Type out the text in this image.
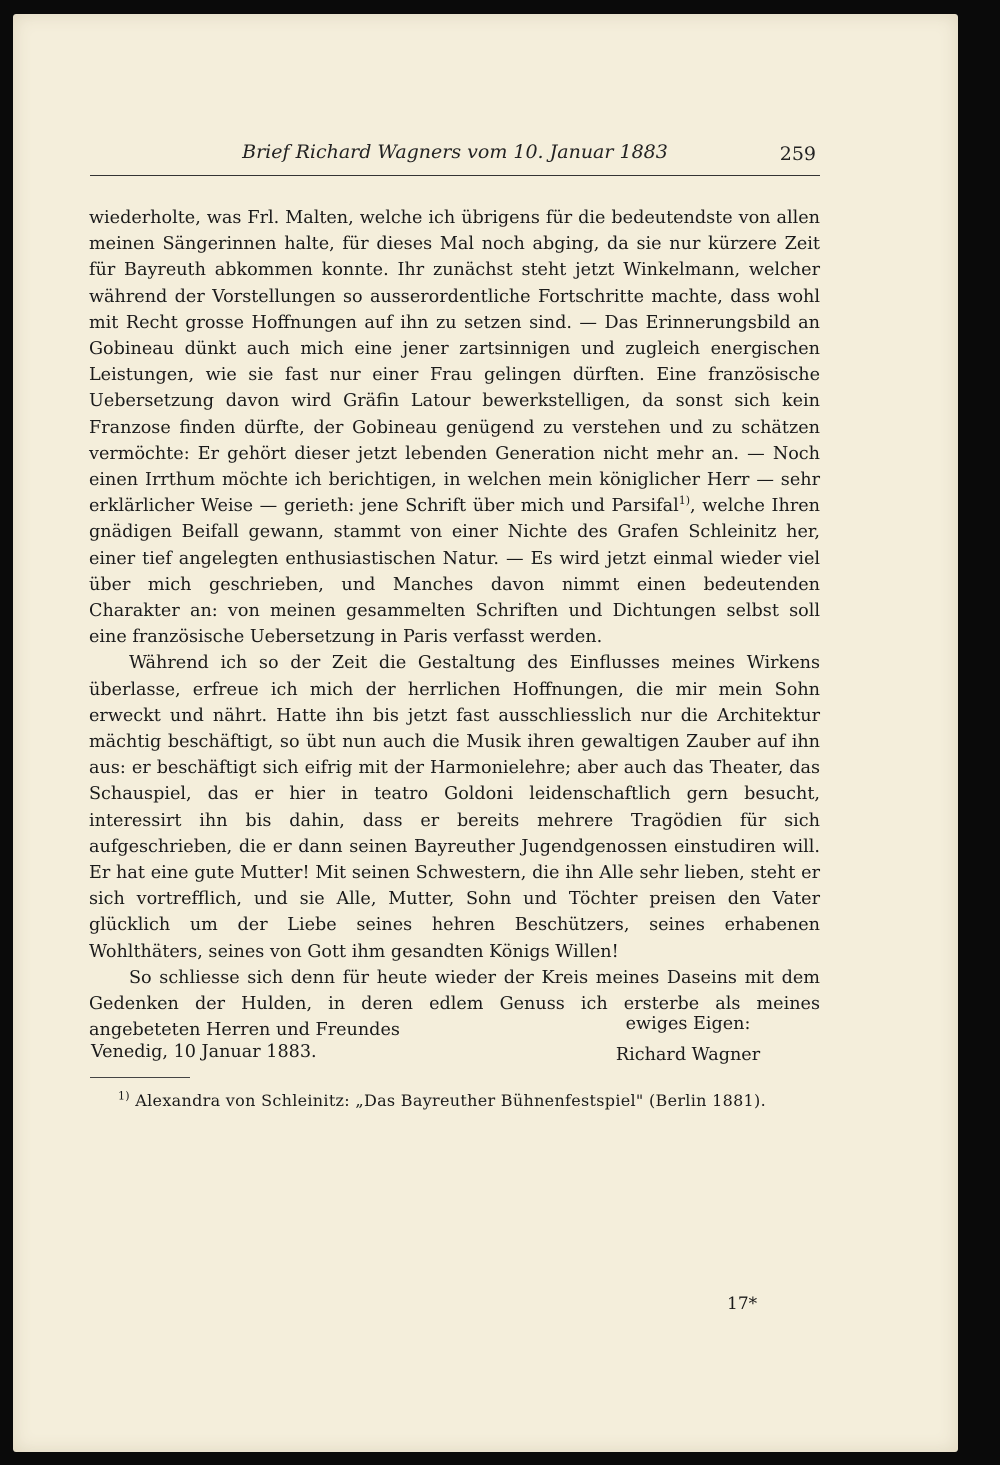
Brief Richard Wagners vom 10. Januar 1883	259

wiederholte, was Frl. Malten, welche ich übrigens für die bedeutendste von allen meinen Sängerinnen halte, für dieses Mal noch abging, da sie nur kürzere Zeit für Bayreuth abkommen konnte. Ihr zunächst steht jetzt Winkelmann, welcher während der Vorstellungen so ausserordentliche Fortschritte machte, dass wohl mit Recht grosse Hoffnungen auf ihn zu setzen sind. — Das Erinnerungsbild an Gobineau dünkt auch mich eine jener zartsinnigen und zugleich energischen Leistungen, wie sie fast nur einer Frau gelingen dürften. Eine französische Uebersetzung davon wird Gräfin Latour bewerkstelligen, da sonst sich kein Franzose finden dürfte, der Gobineau genügend zu verstehen und zu schätzen vermöchte: Er gehört dieser jetzt lebenden Generation nicht mehr an. — Noch einen Irrthum möchte ich berichtigen, in welchen mein königlicher Herr — sehr erklärlicher Weise — gerieth: jene Schrift über mich und Parsifal$^{1)}$, welche Ihren gnädigen Beifall gewann, stammt von einer Nichte des Grafen Schleinitz her, einer tief angelegten enthusiastischen Natur. — Es wird jetzt einmal wieder viel über mich geschrieben, und Manches davon nimmt einen bedeutenden Charakter an: von meinen gesammelten Schriften und Dichtungen selbst soll eine französische Uebersetzung in Paris verfasst werden.

Während ich so der Zeit die Gestaltung des Einflusses meines Wirkens überlasse, erfreue ich mich der herrlichen Hoffnungen, die mir mein Sohn erweckt und nährt. Hatte ihn bis jetzt fast ausschliesslich nur die Architektur mächtig beschäftigt, so übt nun auch die Musik ihren gewaltigen Zauber auf ihn aus: er beschäftigt sich eifrig mit der Harmonielehre; aber auch das Theater, das Schauspiel, das er hier in teatro Goldoni leidenschaftlich gern besucht, interessirt ihn bis dahin, dass er bereits mehrere Tragödien für sich aufgeschrieben, die er dann seinen Bayreuther Jugendgenossen einstudiren will. Er hat eine gute Mutter! Mit seinen Schwestern, die ihn Alle sehr lieben, steht er sich vortrefflich, und sie Alle, Mutter, Sohn und Töchter preisen den Vater glücklich um der Liebe seines hehren Beschützers, seines erhabenen Wohlthäters, seines von Gott ihm gesandten Königs Willen!

So schliesse sich denn für heute wieder der Kreis meines Daseins mit dem Gedenken der Hulden, in deren edlem Genuss ich ersterbe als meines angebeteten Herren und Freundes	ewiges Eigen:
Venedig, 10 Januar 1883.	Richard Wagner
$^{1)}$ Alexandra von Schleinitz: „Das Bayreuther Bühnenfestspiel" (Berlin 1881).
17*
